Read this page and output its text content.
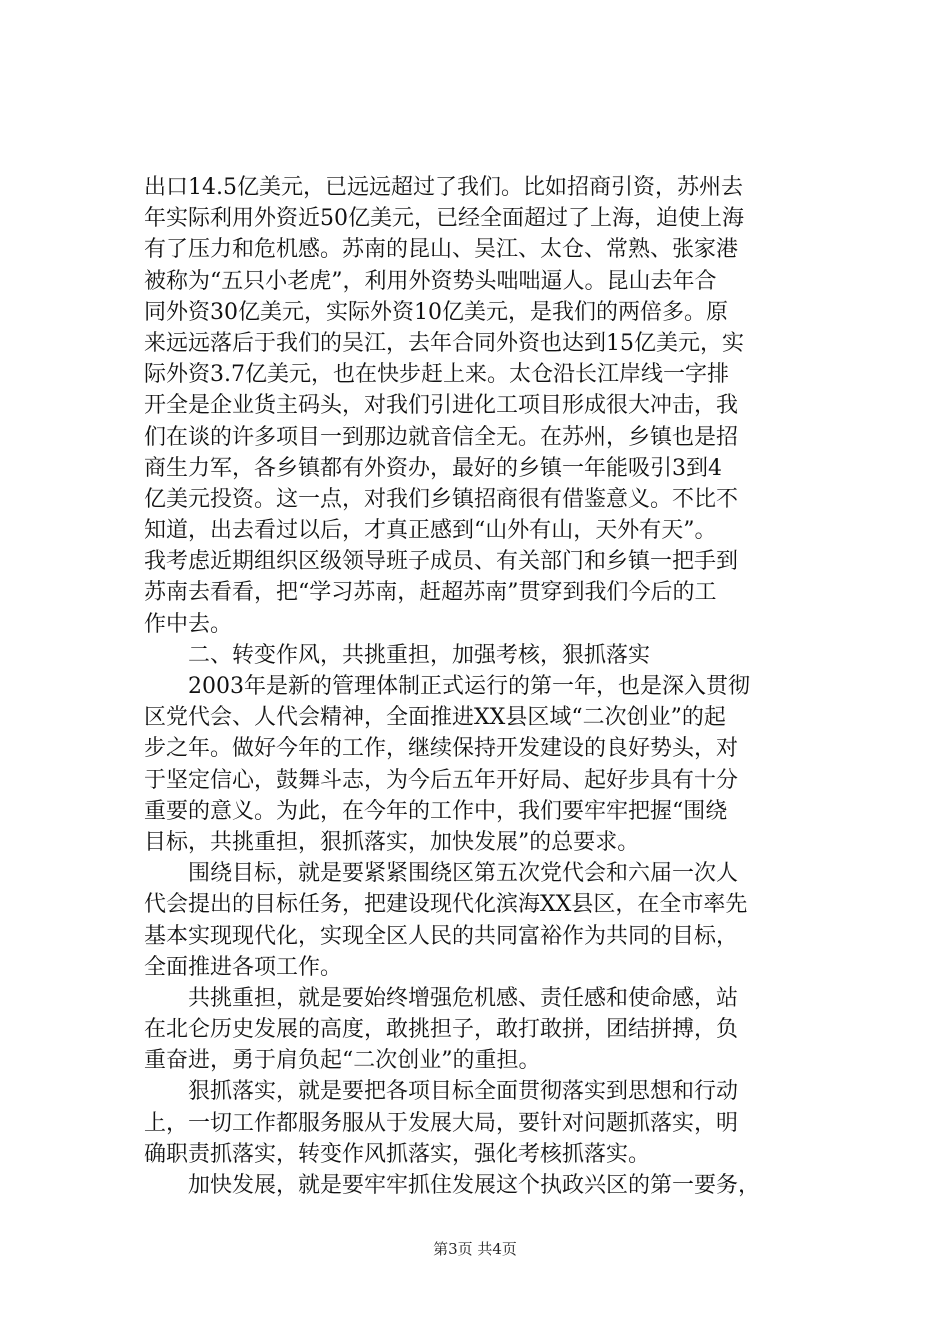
出口14.5亿美元，已远远超过了我们。比如招商引资，苏州去
年实际利用外资近50亿美元，已经全面超过了上海，迫使上海
有了压力和危机感。苏南的昆山、吴江、太仓、常熟、张家港
被称为“五只小老虎”，利用外资势头咄咄逼人。昆山去年合
同外资30亿美元，实际外资10亿美元，是我们的两倍多。原
来远远落后于我们的吴江，去年合同外资也达到15亿美元，实
际外资3.7亿美元，也在快步赶上来。太仓沿长江岸线一字排
开全是企业货主码头，对我们引进化工项目形成很大冲击，我
们在谈的许多项目一到那边就音信全无。在苏州，乡镇也是招
商生力军，各乡镇都有外资办，最好的乡镇一年能吸引3到4
亿美元投资。这一点，对我们乡镇招商很有借鉴意义。不比不
知道，出去看过以后，才真正感到“山外有山，天外有天”。
我考虑近期组织区级领导班子成员、有关部门和乡镇一把手到
苏南去看看，把“学习苏南，赶超苏南”贯穿到我们今后的工
作中去。
二、转变作风，共挑重担，加强考核，狠抓落实
2003年是新的管理体制正式运行的第一年，也是深入贯彻
区党代会、人代会精神，全面推进XX县区域“二次创业”的起
步之年。做好今年的工作，继续保持开发建设的良好势头，对
于坚定信心，鼓舞斗志，为今后五年开好局、起好步具有十分
重要的意义。为此，在今年的工作中，我们要牢牢把握“围绕
目标，共挑重担，狠抓落实，加快发展”的总要求。
围绕目标，就是要紧紧围绕区第五次党代会和六届一次人
代会提出的目标任务，把建设现代化滨海XX县区，在全市率先
基本实现现代化，实现全区人民的共同富裕作为共同的目标，
全面推进各项工作。
共挑重担，就是要始终增强危机感、责任感和使命感，站
在北仑历史发展的高度，敢挑担子，敢打敢拼，团结拼搏，负
重奋进，勇于肩负起“二次创业”的重担。
狠抓落实，就是要把各项目标全面贯彻落实到思想和行动
上，一切工作都服务服从于发展大局，要针对问题抓落实，明
确职责抓落实，转变作风抓落实，强化考核抓落实。
加快发展，就是要牢牢抓住发展这个执政兴区的第一要务，
第3页 共4页
